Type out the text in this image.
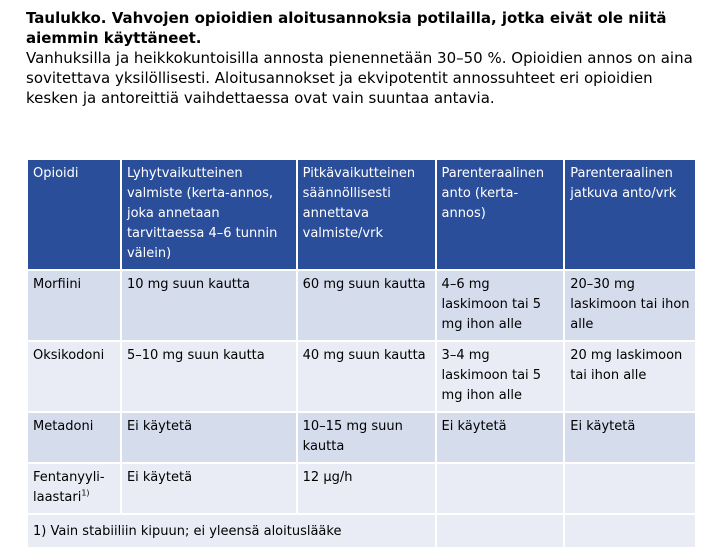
Taulukko. Vahvojen opioidien aloitusannoksia potilailla, jotka eivät ole niitä aiemmin käyttäneet.
Vanhuksilla ja heikkokuntoisilla annosta pienennetään 30–50 %. Opioidien annos on aina sovitettava yksilöllisesti. Aloitusannokset ja ekvipotentit annossuhteet eri opioidien kesken ja antoreittiä vaihdettaessa ovat vain suuntaa antavia.
Opioidi	Lyhytvaikutteinen valmiste (kerta-annos, joka annetaan tarvittaessa 4–6 tunnin välein)	Pitkävaikutteinen säännöllisesti annettava valmiste/vrk	Parenteraalinen anto (kerta-annos)	Parenteraalinen jatkuva anto/vrk
Morfiini	10 mg suun kautta	60 mg suun kautta	4–6 mg laskimoon tai 5 mg ihon alle	20–30 mg laskimoon tai ihon alle
Oksikodoni	5–10 mg suun kautta	40 mg suun kautta	3–4 mg laskimoon tai 5 mg ihon alle	20 mg laskimoon tai ihon alle
Metadoni	Ei käytetä	10–15 mg suun kautta	Ei käytetä	Ei käytetä
Fentanyyli-laastari$^{1)}$	Ei käytetä	12 µg/h		
1) Vain stabiiliin kipuun; ei yleensä aloituslääke				
